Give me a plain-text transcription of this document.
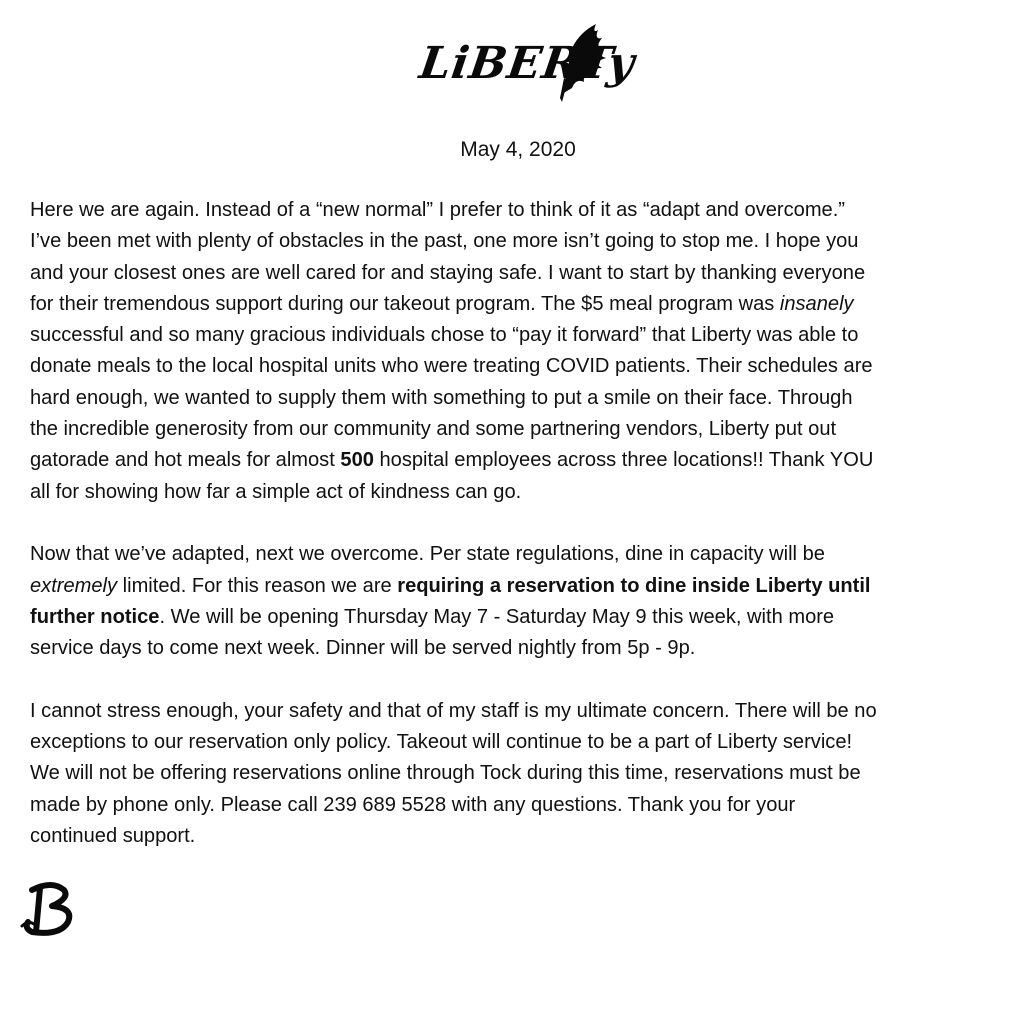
LiBERTy
May 4, 2020
Here we are again. Instead of a “new normal” I prefer to think of it as “adapt and overcome.”
I’ve been met with plenty of obstacles in the past, one more isn’t going to stop me. I hope you
and your closest ones are well cared for and staying safe. I want to start by thanking everyone
for their tremendous support during our takeout program. The $5 meal program was insanely
successful and so many gracious individuals chose to “pay it forward” that Liberty was able to
donate meals to the local hospital units who were treating COVID patients. Their schedules are
hard enough, we wanted to supply them with something to put a smile on their face. Through
the incredible generosity from our community and some partnering vendors, Liberty put out
gatorade and hot meals for almost 500 hospital employees across three locations!! Thank YOU
all for showing how far a simple act of kindness can go.
Now that we’ve adapted, next we overcome. Per state regulations, dine in capacity will be
extremely limited. For this reason we are requiring a reservation to dine inside Liberty until
further notice. We will be opening Thursday May 7 - Saturday May 9 this week, with more
service days to come next week. Dinner will be served nightly from 5p - 9p.
I cannot stress enough, your safety and that of my staff is my ultimate concern. There will be no
exceptions to our reservation only policy. Takeout will continue to be a part of Liberty service!
We will not be offering reservations online through Tock during this time, reservations must be
made by phone only. Please call 239 689 5528 with any questions. Thank you for your
continued support.
